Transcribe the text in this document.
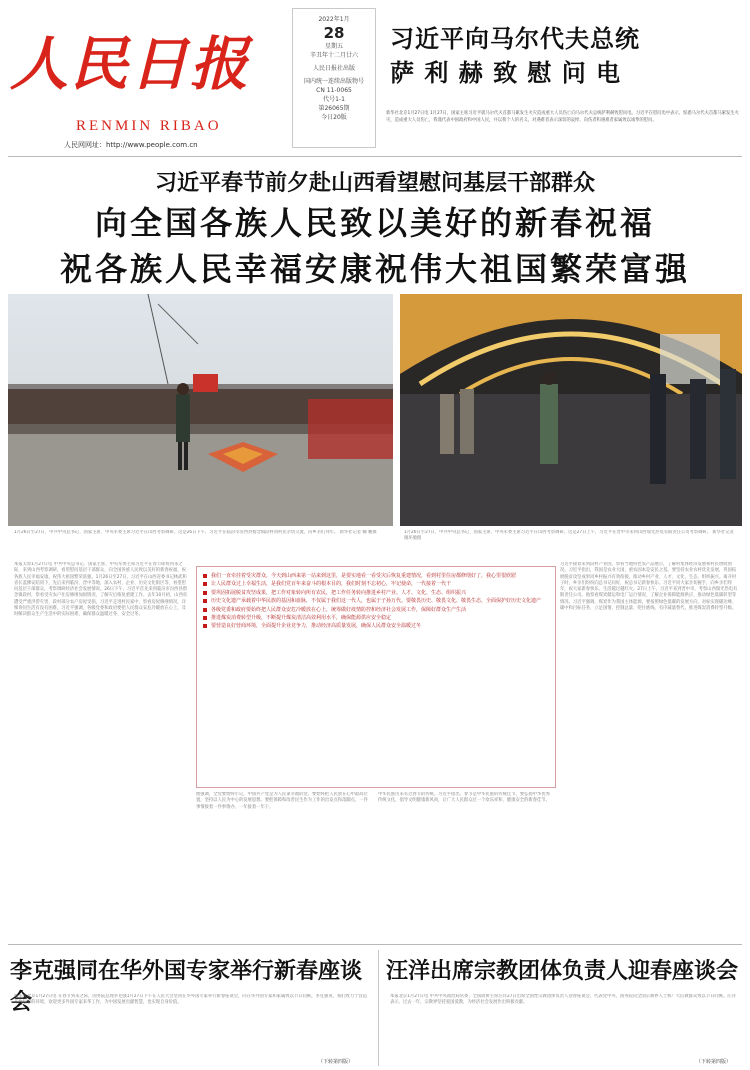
人民日报
RENMIN RIBAO
人民网网址：http://www.people.com.cn
2022年1月
28
星期五
辛丑年十二月廿六
人民日报社出版
国内统一连续出版物号
CN 11-0065
代号1-1
第26065期
今日20版
习近平向马尔代夫总统
萨 利 赫 致 慰 问 电
新华社北京1月27日电 1月27日，国家主席习近平就马尔代夫首都马累发生火灾造成重大人员伤亡向马尔代夫总统萨利赫致慰问电。习近平在慰问电中表示，惊悉马尔代夫首都马累发生火灾，造成重大人员伤亡，我谨代表中国政府和中国人民，并以我个人的名义，对遇难者表示深切的哀悼，向伤者和遇难者家属致以诚挚的慰问。
习近平春节前夕赴山西看望慰问基层干部群众
向全国各族人民致以美好的新春祝福
祝各族人民幸福安康祝伟大祖国繁荣富强
1月26日至27日，中共中央总书记、国家主席、中央军委主席习近平在山西考察调研。这是26日下午，习近平在临汾市汾西县僧念镇段村同村民亲切交流，向乡亲们拜年。 新华社记者 鞠 鹏摄	1月26日至27日，中共中央总书记、国家主席、中央军委主席习近平在山西考察调研。这是27日上午，习近平在晋中市来到山西瑞光热电有限责任公司考察调研。 新华社记者 谢环驰摄
本报太原1月27日电 中共中央总书记、国家主席、中央军委主席习近平在春节即将到来之际，来到山西考察调研，看望慰问基层干部群众，向全国各族人民致以美好的新春祝福，祝各族人民幸福安康，祝伟大祖国繁荣富强。1月26日至27日，习近平在山西省委书记林武和省长蓝佛安陪同下，先后来到临汾、晋中等地，深入农村、企业、历史文化街区等，看望慰问基层干部群众，考察调研经济社会发展情况。26日下午，习近平首先来到临汾市汾西县僧念镇段村，察看受灾农户住房修缮加固情况，了解灾后恢复重建工作。去年10月初，山西省遭受严重洪涝灾害，段村部分农户房屋受损。习近平走进村民家中，察看房屋修缮情况，详细询问生活有没有困难。习近平强调，各级党委和政府要把人民群众安危冷暖放在心上，及时解决群众生产生活中的实际困难，确保群众温暖过冬、安全过冬。
他强调，全党要始终牢记，中国共产党是为人民谋幸福的党，要始终把人民放在心中最高位置，坚持以人民为中心的发展思想。要把保障和改善民生作为工作的出发点和落脚点，一件事情接着一件事情办，一年接着一年干。
中华民族历来有过春节的传统。习近平指出，春节是中华民族的传统佳节，要弘扬中华优秀传统文化，倡导文明健康新风尚，让广大人民群众过一个欢乐祥和、健康安全的新春佳节。
习近平接着来到段村产业园，察看当地特色农产品展示，了解村集体经济发展和村民增收情况。习近平指出，我国是农业大国，重农固本是安民之基。要坚持农业农村优先发展，巩固拓展脱贫攻坚成果同乡村振兴有效衔接，推动乡村产业、人才、文化、生态、组织振兴。离开村子时，乡亲们纷纷向总书记问好，祝总书记新春快乐。习近平同大家亲切握手，向乡亲们拜年，祝大家新春快乐、生活越过越红火。27日上午，习近平来到晋中市，考察山西瑞光热电有限责任公司。他察看煤炭储运和电厂运行情况，了解企业保障能源供应、推动绿色低碳转型等情况。习近平强调，煤炭作为我国主体能源，要按照绿色低碳的发展方向，对标实现碳达峰、碳中和目标任务，立足国情、控制总量、兜住底线，有序减量替代，推进煤炭消费转型升级。
我们一直牵挂着受灾群众，今天到山西来第一站来到这里，是要实地看一看受灾后恢复重建情况，看到村里住房都修缮好了，我心里很欣慰
让人民群众过上幸福生活，是我们党百年来奋斗的根本目的，我们时刻不忘初心，牢记使命，一代接着一代干
要巩固拓展脱贫攻坚成果，把工作对象转向所有农民，把工作任务转向推进乡村产业、人才、文化、生态、组织振兴
历史文化遗产承载着中华民族的基因和血脉，不仅属于我们这一代人，也属于子孙万代。要敬畏历史、敬畏文化、敬畏生态，全面保护好历史文化遗产
各级党委和政府要始终把人民群众安危冷暖放在心上，统筹做好疫情防控和经济社会发展工作，保障好群众生产生活
推进煤炭消费转型升级，不断提升煤炭清洁高效利用水平，确保能源供应安全稳定
要营造良好营商环境，全面提升企业竞争力，推动经济高质量发展，确保人民群众安全温暖过冬
李克强同在华外国专家举行新春座谈会
新华社北京1月27日电 在春节到来之际，国务院总理李克强1月27日下午在人民大会堂同在华外国专家举行新春座谈会，向在华外国专家和家属致以节日问候。李克强说，我们致力于营造开放包容的环境，欢迎更多外国专家来华工作，为中国发展贡献智慧，也实现自身价值。
（下转第四版）
汪洋出席宗教团体负责人迎春座谈会
本报北京1月27日电 中共中央政治局常委、全国政协主席汪洋27日出席全国性宗教团体负责人迎春座谈会，代表党中央、国务院向全国宗教界人士和广大信教群众致以节日问候。汪洋表示，过去一年，宗教界坚持爱国爱教，为经济社会发展作出积极贡献。
（下转第四版）
